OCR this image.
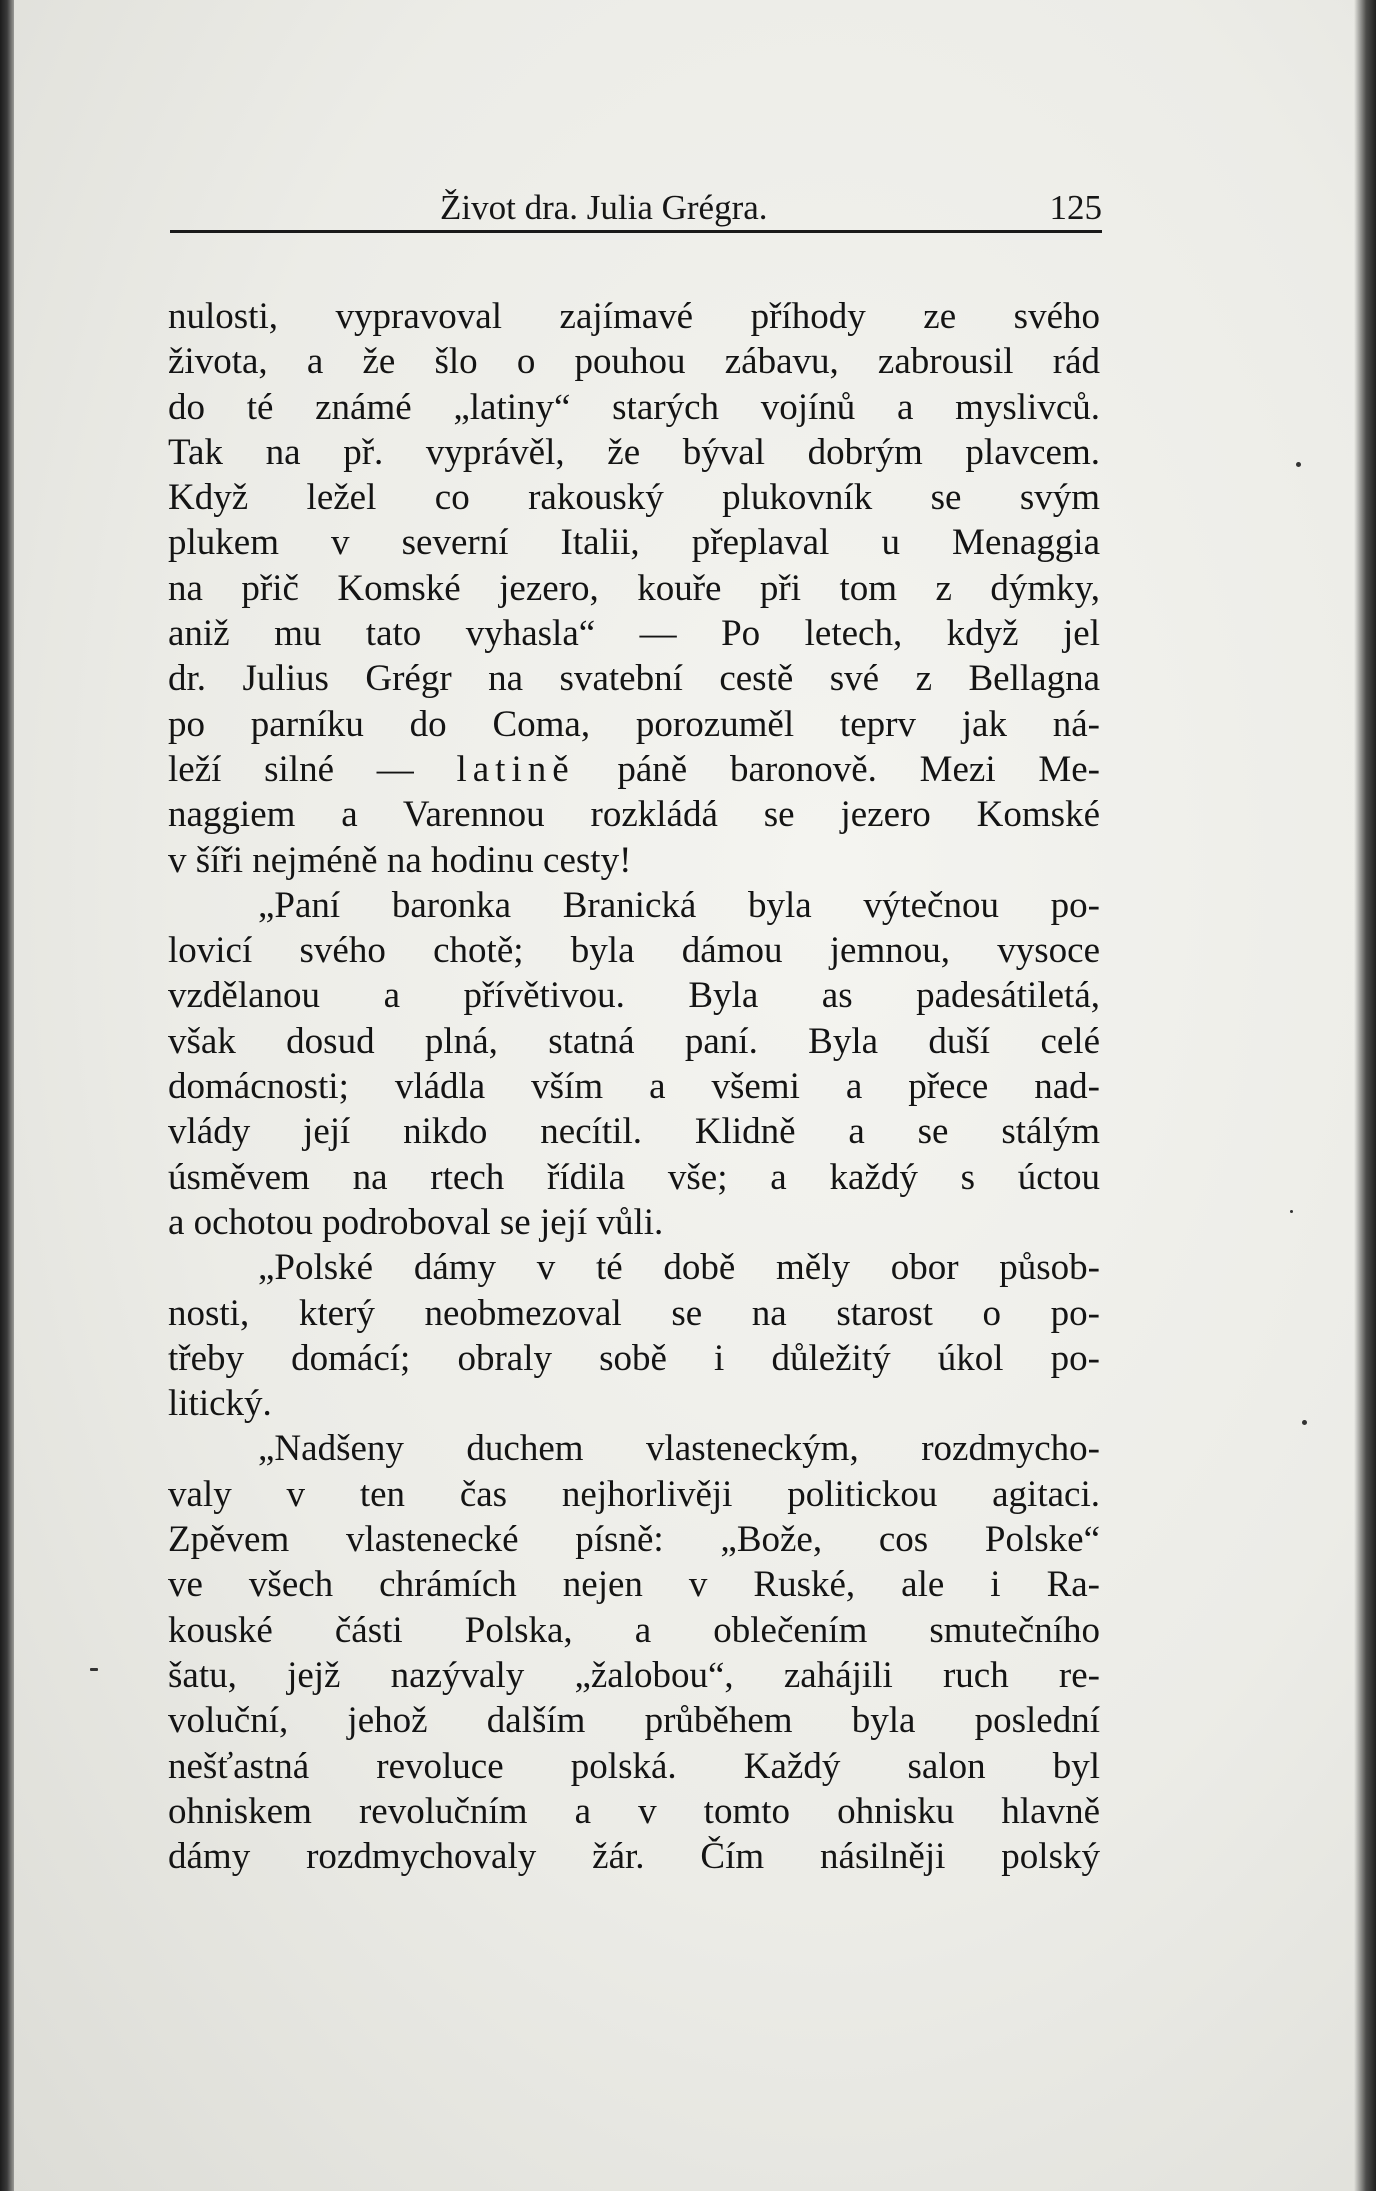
Život dra. Julia Grégra.	125
nulosti, vypravoval zajímavé příhody ze svého
života, a že šlo o pouhou zábavu, zabrousil rád
do té známé „latiny“ starých vojínů a myslivců.
Tak na př. vyprávěl, že býval dobrým plavcem.
Když ležel co rakouský plukovník se svým
plukem v severní Italii, přeplaval u Menaggia
na přič Komské jezero, kouře při tom z dýmky,
aniž mu tato vyhasla“ — Po letech, když jel
dr. Julius Grégr na svatební cestě své z Bellagna
po parníku do Coma, porozuměl teprv jak ná-
leží silné — latině páně baronově. Mezi Me-
naggiem a Varennou rozkládá se jezero Komské
v šíři nejméně na hodinu cesty!
„Paní baronka Branická byla výtečnou po-
lovicí svého chotě; byla dámou jemnou, vysoce
vzdělanou a přívětivou. Byla as padesátiletá,
však dosud plná, statná paní. Byla duší celé
domácnosti; vládla vším a všemi a přece nad-
vlády její nikdo necítil. Klidně a se stálým
úsměvem na rtech řídila vše; a každý s úctou
a ochotou podroboval se její vůli.
„Polské dámy v té době měly obor působ-
nosti, který neobmezoval se na starost o po-
třeby domácí; obraly sobě i důležitý úkol po-
litický.
„Nadšeny duchem vlasteneckým, rozdmycho-
valy v ten čas nejhorlivěji politickou agitaci.
Zpěvem vlastenecké písně: „Bože, cos Polske“
ve všech chrámích nejen v Ruské, ale i Ra-
kouské části Polska, a oblečením smutečního
šatu, jejž nazývaly „žalobou“, zahájili ruch re-
voluční, jehož dalším průběhem byla poslední
nešťastná revoluce polská. Každý salon byl
ohniskem revolučním a v tomto ohnisku hlavně
dámy rozdmychovaly žár. Čím násilněji polský
